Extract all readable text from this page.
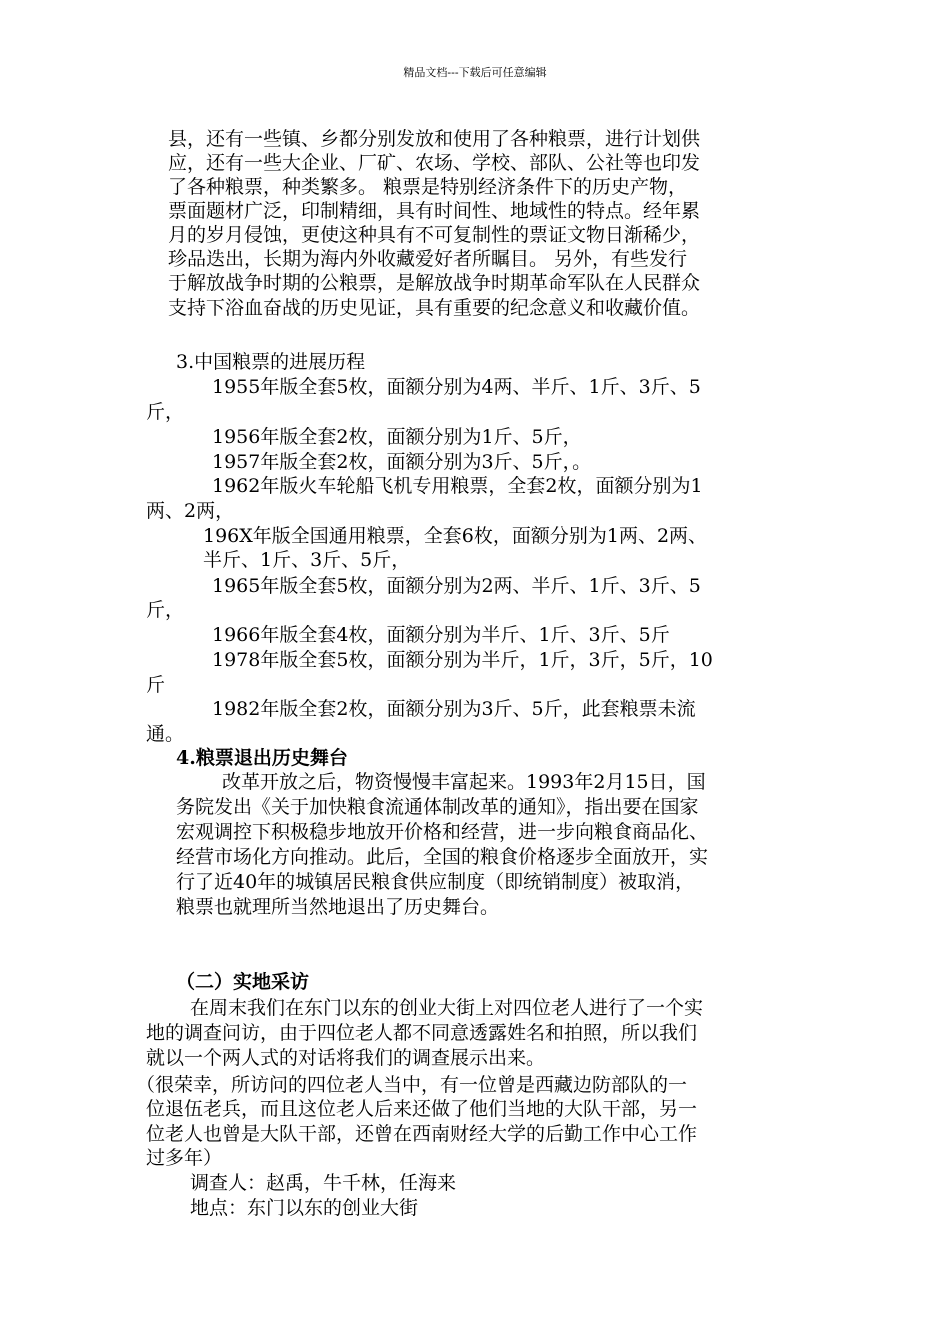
精品文档---下载后可任意编辑
县，还有一些镇、乡都分别发放和使用了各种粮票，进行计划供
应，还有一些大企业、厂矿、农场、学校、部队、公社等也印发
了各种粮票，种类繁多。 粮票是特别经济条件下的历史产物，
票面题材广泛，印制精细，具有时间性、地域性的特点。经年累
月的岁月侵蚀，更使这种具有不可复制性的票证文物日渐稀少，
珍品迭出，长期为海内外收藏爱好者所瞩目。 另外，有些发行
于解放战争时期的公粮票，是解放战争时期革命军队在人民群众
支持下浴血奋战的历史见证，具有重要的纪念意义和收藏价值。
3.中国粮票的进展历程
1955年版全套5枚，面额分别为4两、半斤、1斤、3斤、5
斤，
1956年版全套2枚，面额分别为1斤、5斤，
1957年版全套2枚，面额分别为3斤、5斤，。
1962年版火车轮船飞机专用粮票，全套2枚，面额分别为1
两、2两，
196X年版全国通用粮票，全套6枚，面额分别为1两、2两、
半斤、1斤、3斤、5斤，
1965年版全套5枚，面额分别为2两、半斤、1斤、3斤、5
斤，
1966年版全套4枚，面额分别为半斤、1斤、3斤、5斤
1978年版全套5枚，面额分别为半斤，1斤，3斤，5斤，10
斤
1982年版全套2枚，面额分别为3斤、5斤，此套粮票未流
通。
4.粮票退出历史舞台
改革开放之后，物资慢慢丰富起来。1993年2月15日，国
务院发出《关于加快粮食流通体制改革的通知》，指出要在国家
宏观调控下积极稳步地放开价格和经营，进一步向粮食商品化、
经营市场化方向推动。此后，全国的粮食价格逐步全面放开，实
行了近40年的城镇居民粮食供应制度（即统销制度）被取消，
粮票也就理所当然地退出了历史舞台。
（二）实地采访
在周末我们在东门以东的创业大街上对四位老人进行了一个实
地的调查问访，由于四位老人都不同意透露姓名和拍照，所以我们
就以一个两人式的对话将我们的调查展示出来。
（很荣幸，所访问的四位老人当中，有一位曾是西藏边防部队的一
位退伍老兵，而且这位老人后来还做了他们当地的大队干部，另一
位老人也曾是大队干部，还曾在西南财经大学的后勤工作中心工作
过多年）
调查人：赵禹，牛千林，任海来
地点：东门以东的创业大街
